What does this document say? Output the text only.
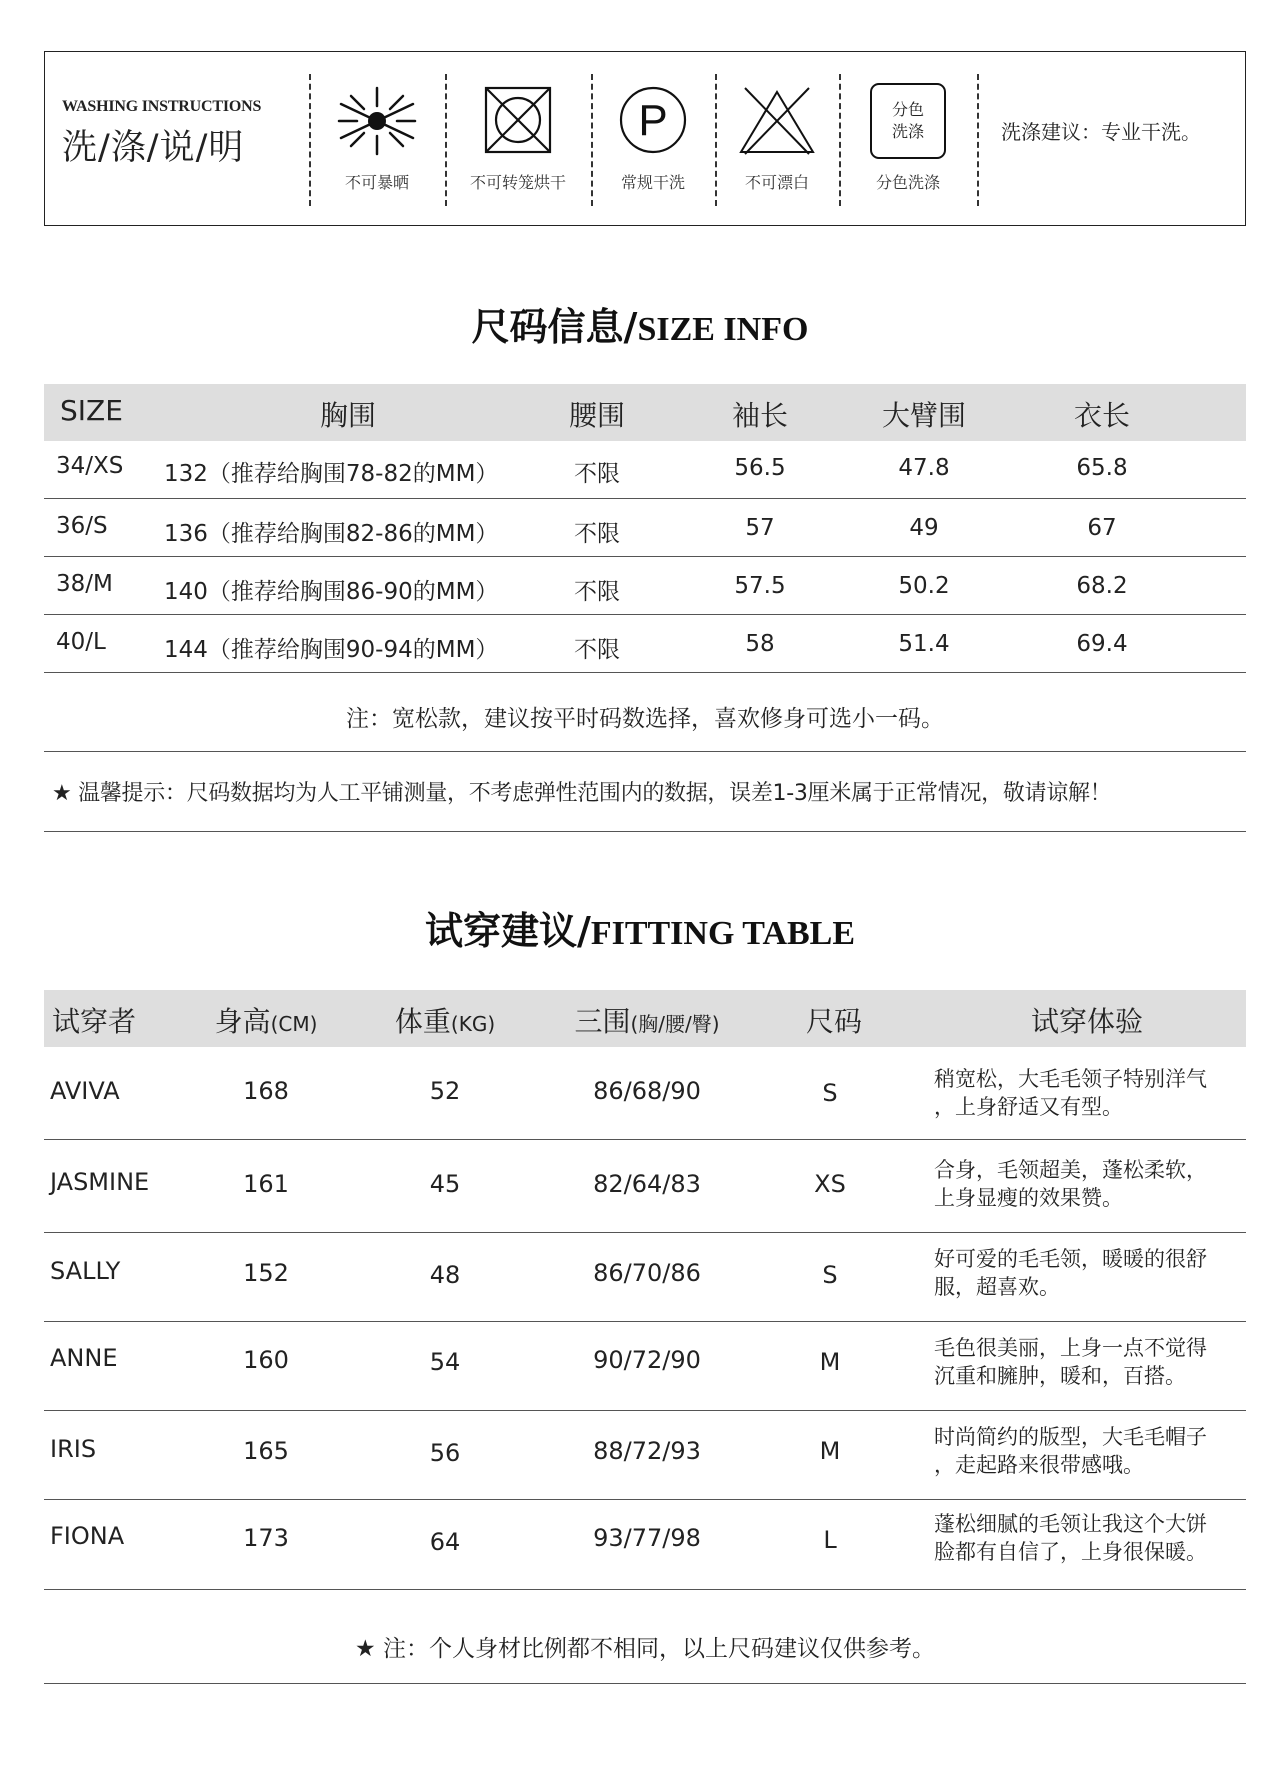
WASHING INSTRUCTIONS
洗/涤/说/明
不可暴晒	不可转笼烘干
P
常规干洗	不可漂白
分色
洗涤
分色洗涤
洗涤建议：专业干洗。
尺码信息/SIZE INFO
SIZE	胸围	腰围	袖长	大臂围	衣长
34/XS 132（推荐给胸围78-82的MM）	不限	56.5	47.8	65.8
36/S 136（推荐给胸围82-86的MM）	不限	57	49	67
38/M 140（推荐给胸围86-90的MM）	不限	57.5	50.2	68.2
40/L	144（推荐给胸围90-94的MM）	不限	58	51.4	69.4
注：宽松款，建议按平时码数选择，喜欢修身可选小一码。
★ 温馨提示：尺码数据均为人工平铺测量，不考虑弹性范围内的数据，误差1-3厘米属于正常情况，敬请谅解！
试穿建议/FITTING TABLE
试穿者	身高(CM)	体重(KG)	三围(胸/腰/臀)	尺码	试穿体验
AVIVA	168	52	86/68/90	S	稍宽松，大毛毛领子特别洋气
，上身舒适又有型。
JASMINE	161	45	82/64/83	XS	合身，毛领超美，蓬松柔软，
上身显瘦的效果赞。
SALLY	152	48	86/70/86	S
好可爱的毛毛领，暖暖的很舒
服，超喜欢。
ANNE	160	54	90/72/90	M	毛色很美丽，上身一点不觉得
沉重和臃肿，暖和，百搭。
IRIS	165	56	88/72/93	M	时尚简约的版型，大毛毛帽子
，走起路来很带感哦。
FIONA	173	64	93/77/98	L
蓬松细腻的毛领让我这个大饼
脸都有自信了，上身很保暖。
★ 注：个人身材比例都不相同，以上尺码建议仅供参考。
